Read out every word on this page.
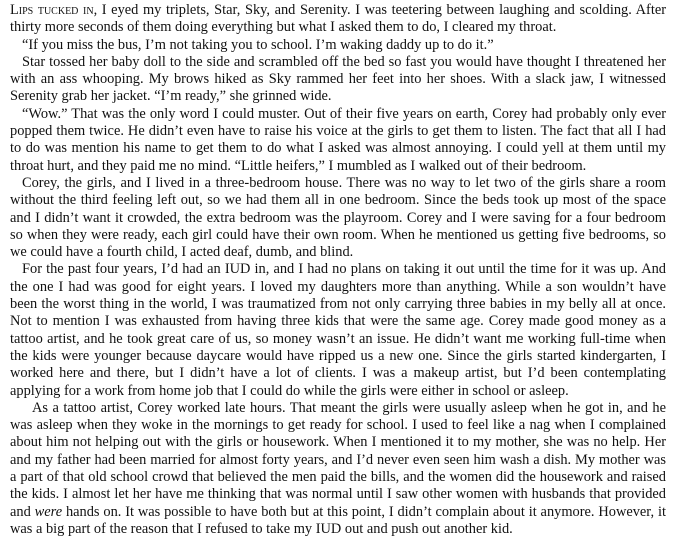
Lips tucked in, I eyed my triplets, Star, Sky, and Serenity. I was teetering between laughing and scolding. After thirty more seconds of them doing everything but what I asked them to do, I cleared my throat.

“If you miss the bus, I’m not taking you to school. I’m waking daddy up to do it.”

Star tossed her baby doll to the side and scrambled off the bed so fast you would have thought I threatened her with an ass whooping. My brows hiked as Sky rammed her feet into her shoes. With a slack jaw, I witnessed Serenity grab her jacket. “I’m ready,” she grinned wide.

“Wow.” That was the only word I could muster. Out of their five years on earth, Corey had probably only ever popped them twice. He didn’t even have to raise his voice at the girls to get them to listen. The fact that all I had to do was mention his name to get them to do what I asked was almost annoying. I could yell at them until my throat hurt, and they paid me no mind. “Little heifers,” I mumbled as I walked out of their bedroom.

Corey, the girls, and I lived in a three-bedroom house. There was no way to let two of the girls share a room without the third feeling left out, so we had them all in one bedroom. Since the beds took up most of the space and I didn’t want it crowded, the extra bedroom was the playroom. Corey and I were saving for a four bedroom so when they were ready, each girl could have their own room. When he mentioned us getting five bedrooms, so we could have a fourth child, I acted deaf, dumb, and blind.

For the past four years, I’d had an IUD in, and I had no plans on taking it out until the time for it was up. And the one I had was good for eight years. I loved my daughters more than anything. While a son wouldn’t have been the worst thing in the world, I was traumatized from not only carrying three babies in my belly all at once. Not to mention I was exhausted from having three kids that were the same age. Corey made good money as a tattoo artist, and he took great care of us, so money wasn’t an issue. He didn’t want me working full-time when the kids were younger because daycare would have ripped us a new one. Since the girls started kindergarten, I worked here and there, but I didn’t have a lot of clients. I was a makeup artist, but I’d been contemplating applying for a work from home job that I could do while the girls were either in school or asleep.

As a tattoo artist, Corey worked late hours. That meant the girls were usually asleep when he got in, and he was asleep when they woke in the mornings to get ready for school. I used to feel like a nag when I complained about him not helping out with the girls or housework. When I mentioned it to my mother, she was no help. Her and my father had been married for almost forty years, and I’d never even seen him wash a dish. My mother was a part of that old school crowd that believed the men paid the bills, and the women did the housework and raised the kids. I almost let her have me thinking that was normal until I saw other women with husbands that provided and were hands on. It was possible to have both but at this point, I didn’t complain about it anymore. However, it was a big part of the reason that I refused to take my IUD out and push out another kid.
